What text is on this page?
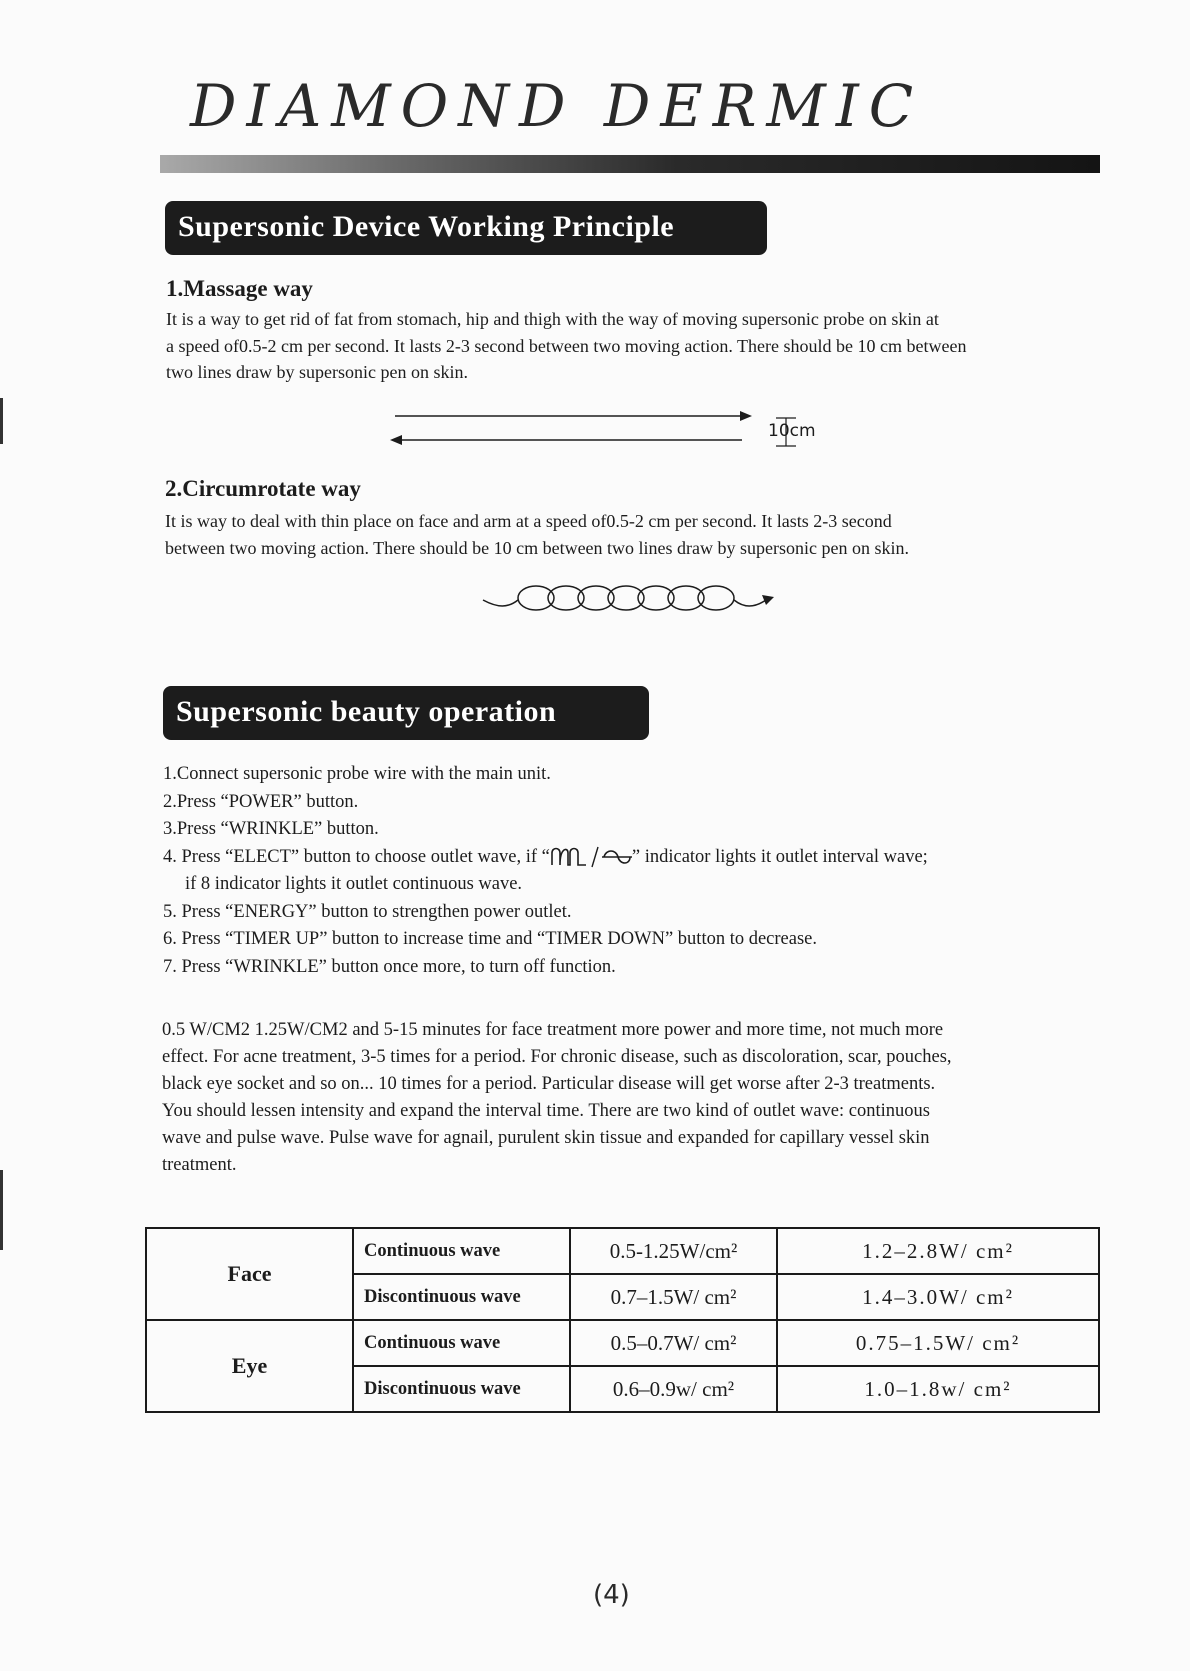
DIAMOND DERMIC
Supersonic Device Working Principle
1.Massage way
It is a way to get rid of fat from stomach, hip and thigh with the way of moving supersonic probe on skin at
a speed of0.5-2 cm per second. It lasts 2-3 second between two moving action. There should be 10 cm between
two lines draw by supersonic pen on skin.
10cm
2.Circumrotate way
It is way to deal with thin place on face and arm at a speed of0.5-2 cm per second. It lasts 2-3 second
between two moving action. There should be 10 cm between two lines draw by supersonic pen on skin.
Supersonic beauty operation
1.Connect supersonic probe wire with the main unit.
2.Press “POWER” button.
3.Press “WRINKLE” button.
4. Press “ELECT” button to choose outlet wave, if “	” indicator lights it outlet interval wave;
if 8 indicator lights it outlet continuous wave.
5. Press “ENERGY” button to strengthen power outlet.
6. Press “TIMER UP” button to increase time and “TIMER DOWN” button to decrease.
7. Press “WRINKLE” button once more, to turn off function.
0.5 W/CM2 1.25W/CM2 and 5-15 minutes for face treatment more power and more time, not much more
effect. For acne treatment, 3-5 times for a period. For chronic disease, such as discoloration, scar, pouches,
black eye socket and so on... 10 times for a period. Particular disease will get worse after 2-3 treatments.
You should lessen intensity and expand the interval time. There are two kind of outlet wave: continuous
wave and pulse wave. Pulse wave for agnail, purulent skin tissue and expanded for capillary vessel skin
treatment.
Face	Continuous wave	0.5-1.25W/cm²	1.2–2.8W/ cm²
	Discontinuous wave	0.7–1.5W/ cm²	1.4–3.0W/ cm²
Eye	Continuous wave	0.5–0.7W/ cm²	0.75–1.5W/ cm²
	Discontinuous wave	0.6–0.9w/ cm²	1.0–1.8w/ cm²
(4)
